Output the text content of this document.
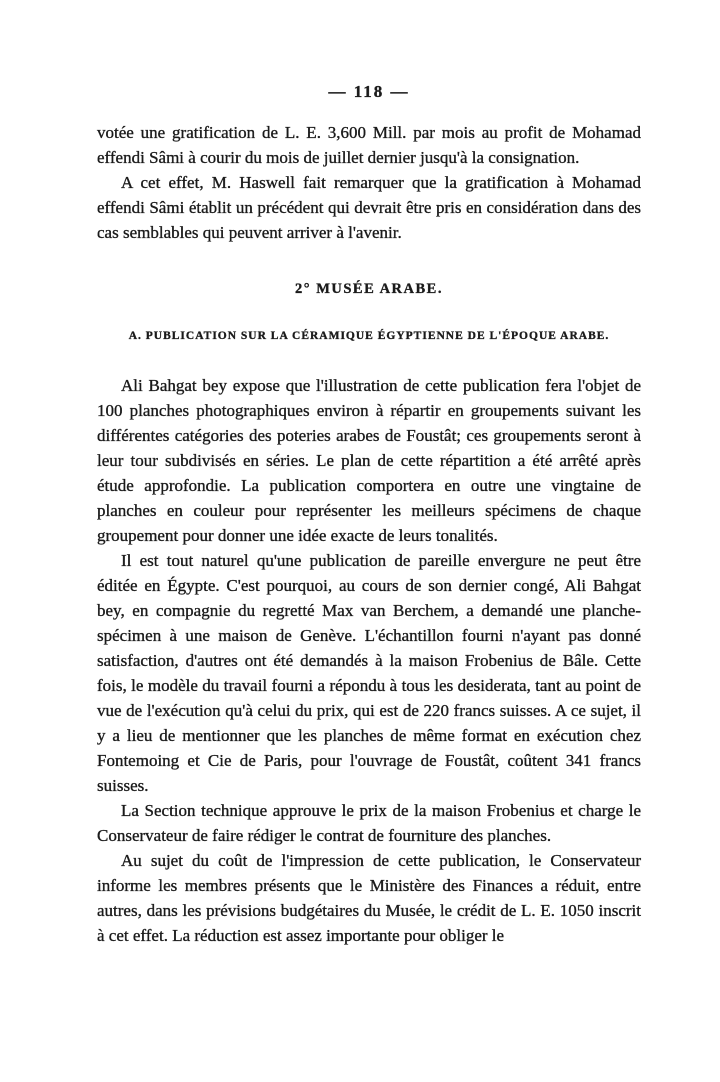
— 118 —

votée une gratification de L. E. 3,600 Mill. par mois au profit de Mohamad effendi Sâmi à courir du mois de juillet dernier jusqu'à la consignation.

A cet effet, M. Haswell fait remarquer que la gratification à Mohamad effendi Sâmi établit un précédent qui devrait être pris en considération dans des cas semblables qui peuvent arriver à l'avenir.

2° MUSÉE ARABE.

A. PUBLICATION SUR LA CÉRAMIQUE ÉGYPTIENNE DE L'ÉPOQUE ARABE.

Ali Bahgat bey expose que l'illustration de cette publication fera l'objet de 100 planches photographiques environ à répartir en groupements suivant les différentes catégories des poteries arabes de Foustât; ces groupements seront à leur tour subdivisés en séries. Le plan de cette répartition a été arrêté après étude approfondie. La publication comportera en outre une vingtaine de planches en couleur pour représenter les meilleurs spécimens de chaque groupement pour donner une idée exacte de leurs tonalités.

Il est tout naturel qu'une publication de pareille envergure ne peut être éditée en Égypte. C'est pourquoi, au cours de son dernier congé, Ali Bahgat bey, en compagnie du regretté Max van Berchem, a demandé une planche-spécimen à une maison de Genève. L'échantillon fourni n'ayant pas donné satisfaction, d'autres ont été demandés à la maison Frobenius de Bâle. Cette fois, le modèle du travail fourni a répondu à tous les desiderata, tant au point de vue de l'exécution qu'à celui du prix, qui est de 220 francs suisses. A ce sujet, il y a lieu de mentionner que les planches de même format en exécution chez Fontemoing et Cie de Paris, pour l'ouvrage de Foustât, coûtent 341 francs suisses.

La Section technique approuve le prix de la maison Frobenius et charge le Conservateur de faire rédiger le contrat de fourniture des planches.

Au sujet du coût de l'impression de cette publication, le Conservateur informe les membres présents que le Ministère des Finances a réduit, entre autres, dans les prévisions budgétaires du Musée, le crédit de L. E. 1050 inscrit à cet effet. La réduction est assez importante pour obliger le
